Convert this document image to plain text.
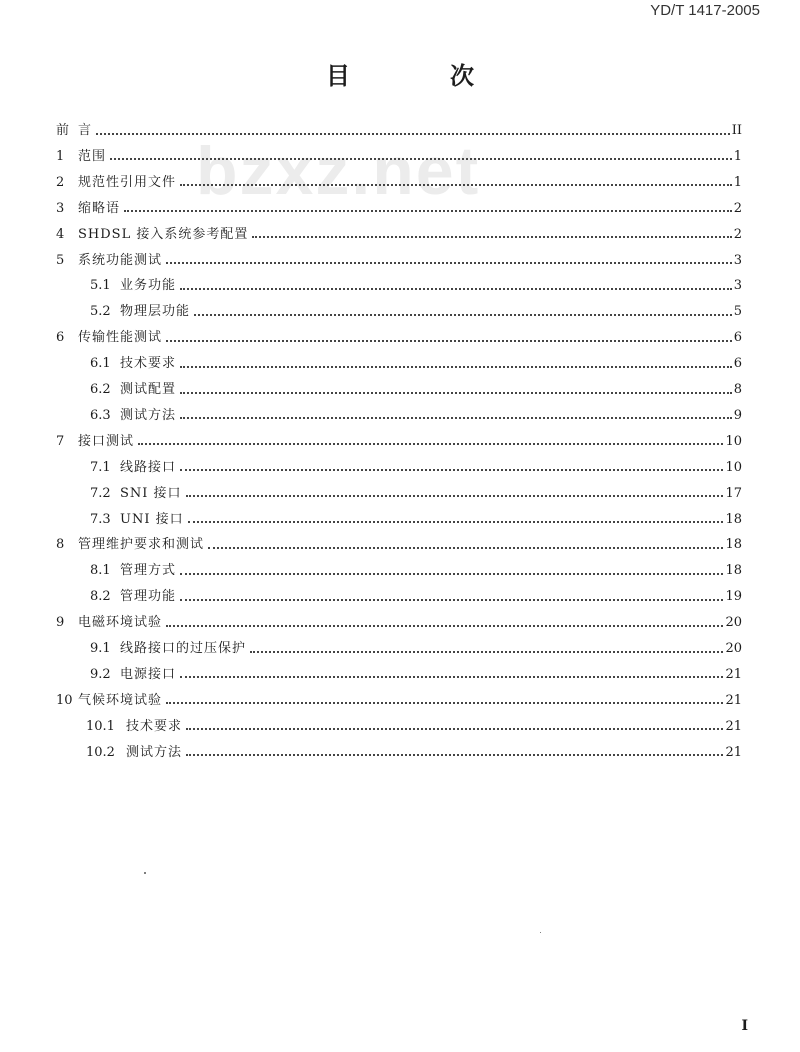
YD/T 1417-2005
bzxz.net
目　次
前 言	II
1	范围	1
2	规范性引用文件	1
3	缩略语	2
4	SHDSL 接入系统参考配置	2
5	系统功能测试	3
5.1 业务功能	3
5.2 物理层功能	5
6	传输性能测试	6
6.1 技术要求	6
6.2 测试配置	8
6.3 测试方法	9
7	接口测试	10
7.1 线路接口	10
7.2 SNI 接口	17
7.3 UNI 接口	18
8	管理维护要求和测试	18
8.1 管理方式	18
8.2 管理功能	19
9	电磁环境试验	20
9.1 线路接口的过压保护	20
9.2 电源接口	21
10 气候环境试验	21
10.1 技术要求	21
10.2 测试方法	21
I
